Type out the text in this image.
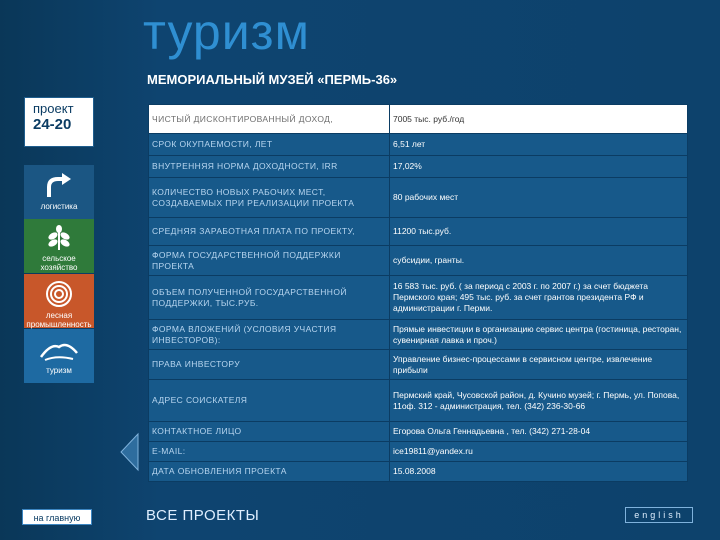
туризм
МЕМОРИАЛЬНЫЙ МУЗЕЙ «ПЕРМЬ-36»
проект
24-20
логистика
сельское хозяйство
лесная промышленность
туризм
ЧИСТЫЙ ДИСКОНТИРОВАННЫЙ ДОХОД,	7005 тыс. руб./год
СРОК ОКУПАЕМОСТИ, ЛЕТ	6,51 лет
ВНУТРЕННЯЯ НОРМА ДОХОДНОСТИ, IRR	17,02%
КОЛИЧЕСТВО НОВЫХ РАБОЧИХ МЕСТ, СОЗДАВАЕМЫХ ПРИ РЕАЛИЗАЦИИ ПРОЕКТА	80 рабочих мест
СРЕДНЯЯ ЗАРАБОТНАЯ ПЛАТА ПО ПРОЕКТУ,	11200 тыс.руб.
ФОРМА ГОСУДАРСТВЕННОЙ ПОДДЕРЖКИ ПРОЕКТА	субсидии, гранты.
ОБЪЕМ ПОЛУЧЕННОЙ ГОСУДАРСТВЕННОЙ ПОДДЕРЖКИ, ТЫС.РУБ.	16 583 тыс. руб. ( за период с 2003 г. по 2007 г.) за счет бюджета Пермского края; 495 тыс. руб. за счет грантов президента РФ и администрации г. Перми.
ФОРМА ВЛОЖЕНИЙ (УСЛОВИЯ УЧАСТИЯ ИНВЕСТОРОВ):	Прямые инвестиции в организацию сервис центра (гостиница, ресторан, сувенирная лавка и проч.)
ПРАВА ИНВЕСТОРУ	Управление бизнес-процессами в сервисном центре, извлечение прибыли
АДРЕС СОИСКАТЕЛЯ	Пермский край, Чусовской район, д. Кучино музей; г. Пермь, ул. Попова, 11оф. 312 - администрация, тел. (342) 236-30-66
КОНТАКТНОЕ ЛИЦО	Егорова Ольга Геннадьевна , тел. (342) 271-28-04
E-MAIL:	ice19811@yandex.ru
ДАТА ОБНОВЛЕНИЯ ПРОЕКТА	15.08.2008
на главную	ВСЕ ПРОЕКТЫ	english
